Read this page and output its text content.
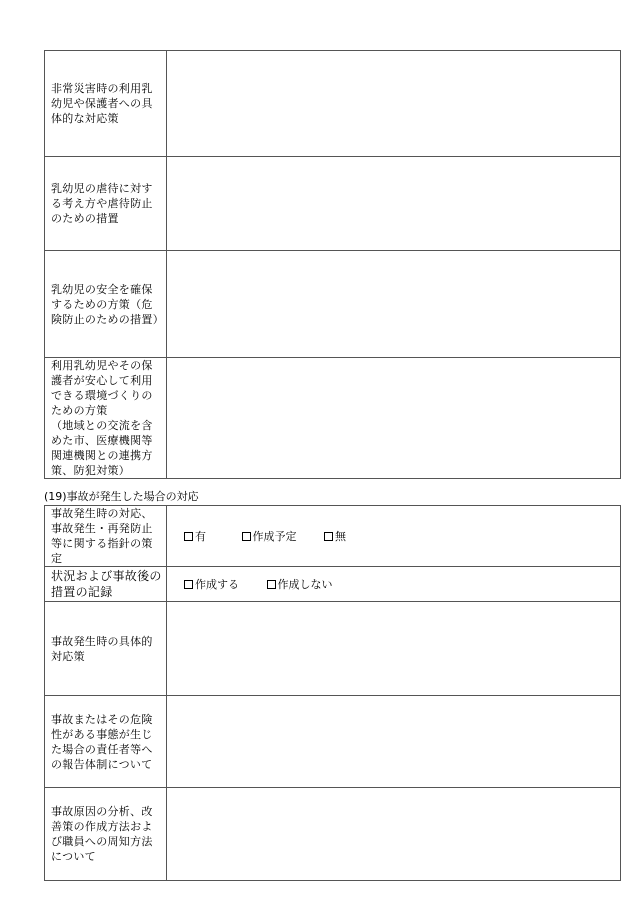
非常災害時の利用乳幼児や保護者への具体的な対応策	
乳幼児の虐待に対する考え方や虐待防止のための措置	
乳幼児の安全を確保するための方策（危険防止のための措置）	
利用乳幼児やその保護者が安心して利用できる環境づくりのための方策
（地域との交流を含めた市、医療機関等関連機関との連携方策、防犯対策）	
(19)事故が発生した場合の対応
事故発生時の対応、事故発生・再発防止等に関する指針の策定	有 作成予定 無
状況および事故後の措置の記録	作成する 作成しない
事故発生時の具体的対応策	
事故またはその危険性がある事態が生じた場合の責任者等への報告体制について	
事故原因の分析、改善策の作成方法および職員への周知方法について	
